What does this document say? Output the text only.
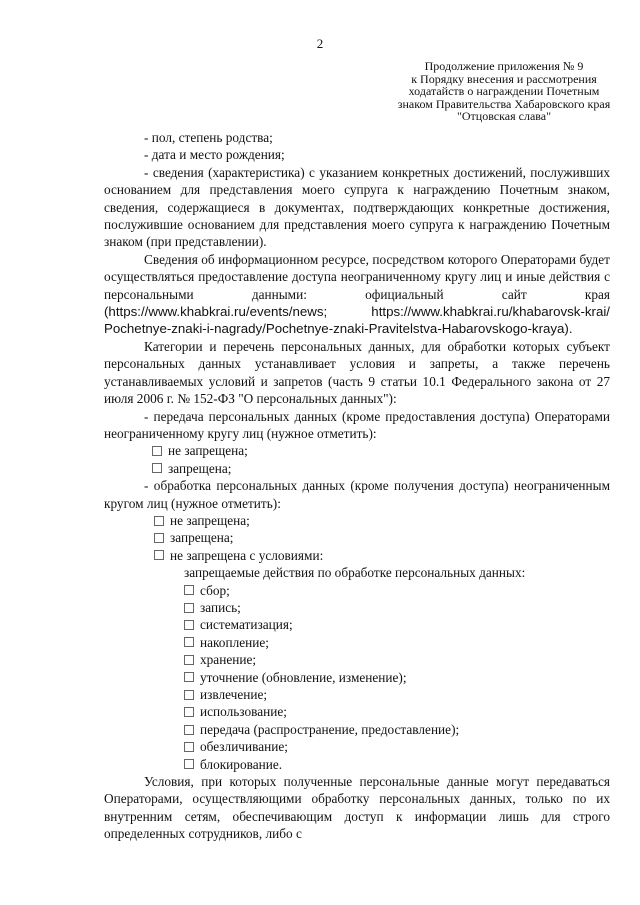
2
Продолжение приложения № 9
к Порядку внесения и рассмотрения
ходатайств о награждении Почетным
знаком Правительства Хабаровского края
"Отцовская слава"

- пол, степень родства;

- дата и место рождения;

- сведения (характеристика) с указанием конкретных достижений, послуживших основанием для представления моего супруга к награждению Почетным знаком, сведения, содержащиеся в документах, подтверждающих конкретные достижения, послужившие основанием для представления моего супруга к награждению Почетным знаком (при представлении).

Сведения об информационном ресурсе, посредством которого Операторами будет осуществляться предоставление доступа неограниченному кругу лиц и иные действия с персональными данными: официальный сайт края (https://www.khabkrai.ru/events/news; https://www.khabkrai.ru/khabarovsk-krai/ Pochetnye-znaki-i-nagrady/Pochetnye-znaki-Pravitelstva-Habarovskogo-kraya).

Категории и перечень персональных данных, для обработки которых субъект персональных данных устанавливает условия и запреты, а также перечень устанавливаемых условий и запретов (часть 9 статьи 10.1 Федерального закона от 27 июля 2006 г. № 152-ФЗ "О персональных данных"):

- передача персональных данных (кроме предоставления доступа) Операторами неограниченному кругу лиц (нужное отметить):

не запрещена;
запрещена;

- обработка персональных данных (кроме получения доступа) неограниченным кругом лиц (нужное отметить):

не запрещена;
запрещена;
не запрещена с условиями:
запрещаемые действия по обработке персональных данных:
сбор;
запись;
систематизация;
накопление;
хранение;
уточнение (обновление, изменение);
извлечение;
использование;
передача (распространение, предоставление);
обезличивание;
блокирование.

Условия, при которых полученные персональные данные могут передаваться Операторами, осуществляющими обработку персональных данных, только по их внутренним сетям, обеспечивающим доступ к информации лишь для строго определенных сотрудников, либо с
